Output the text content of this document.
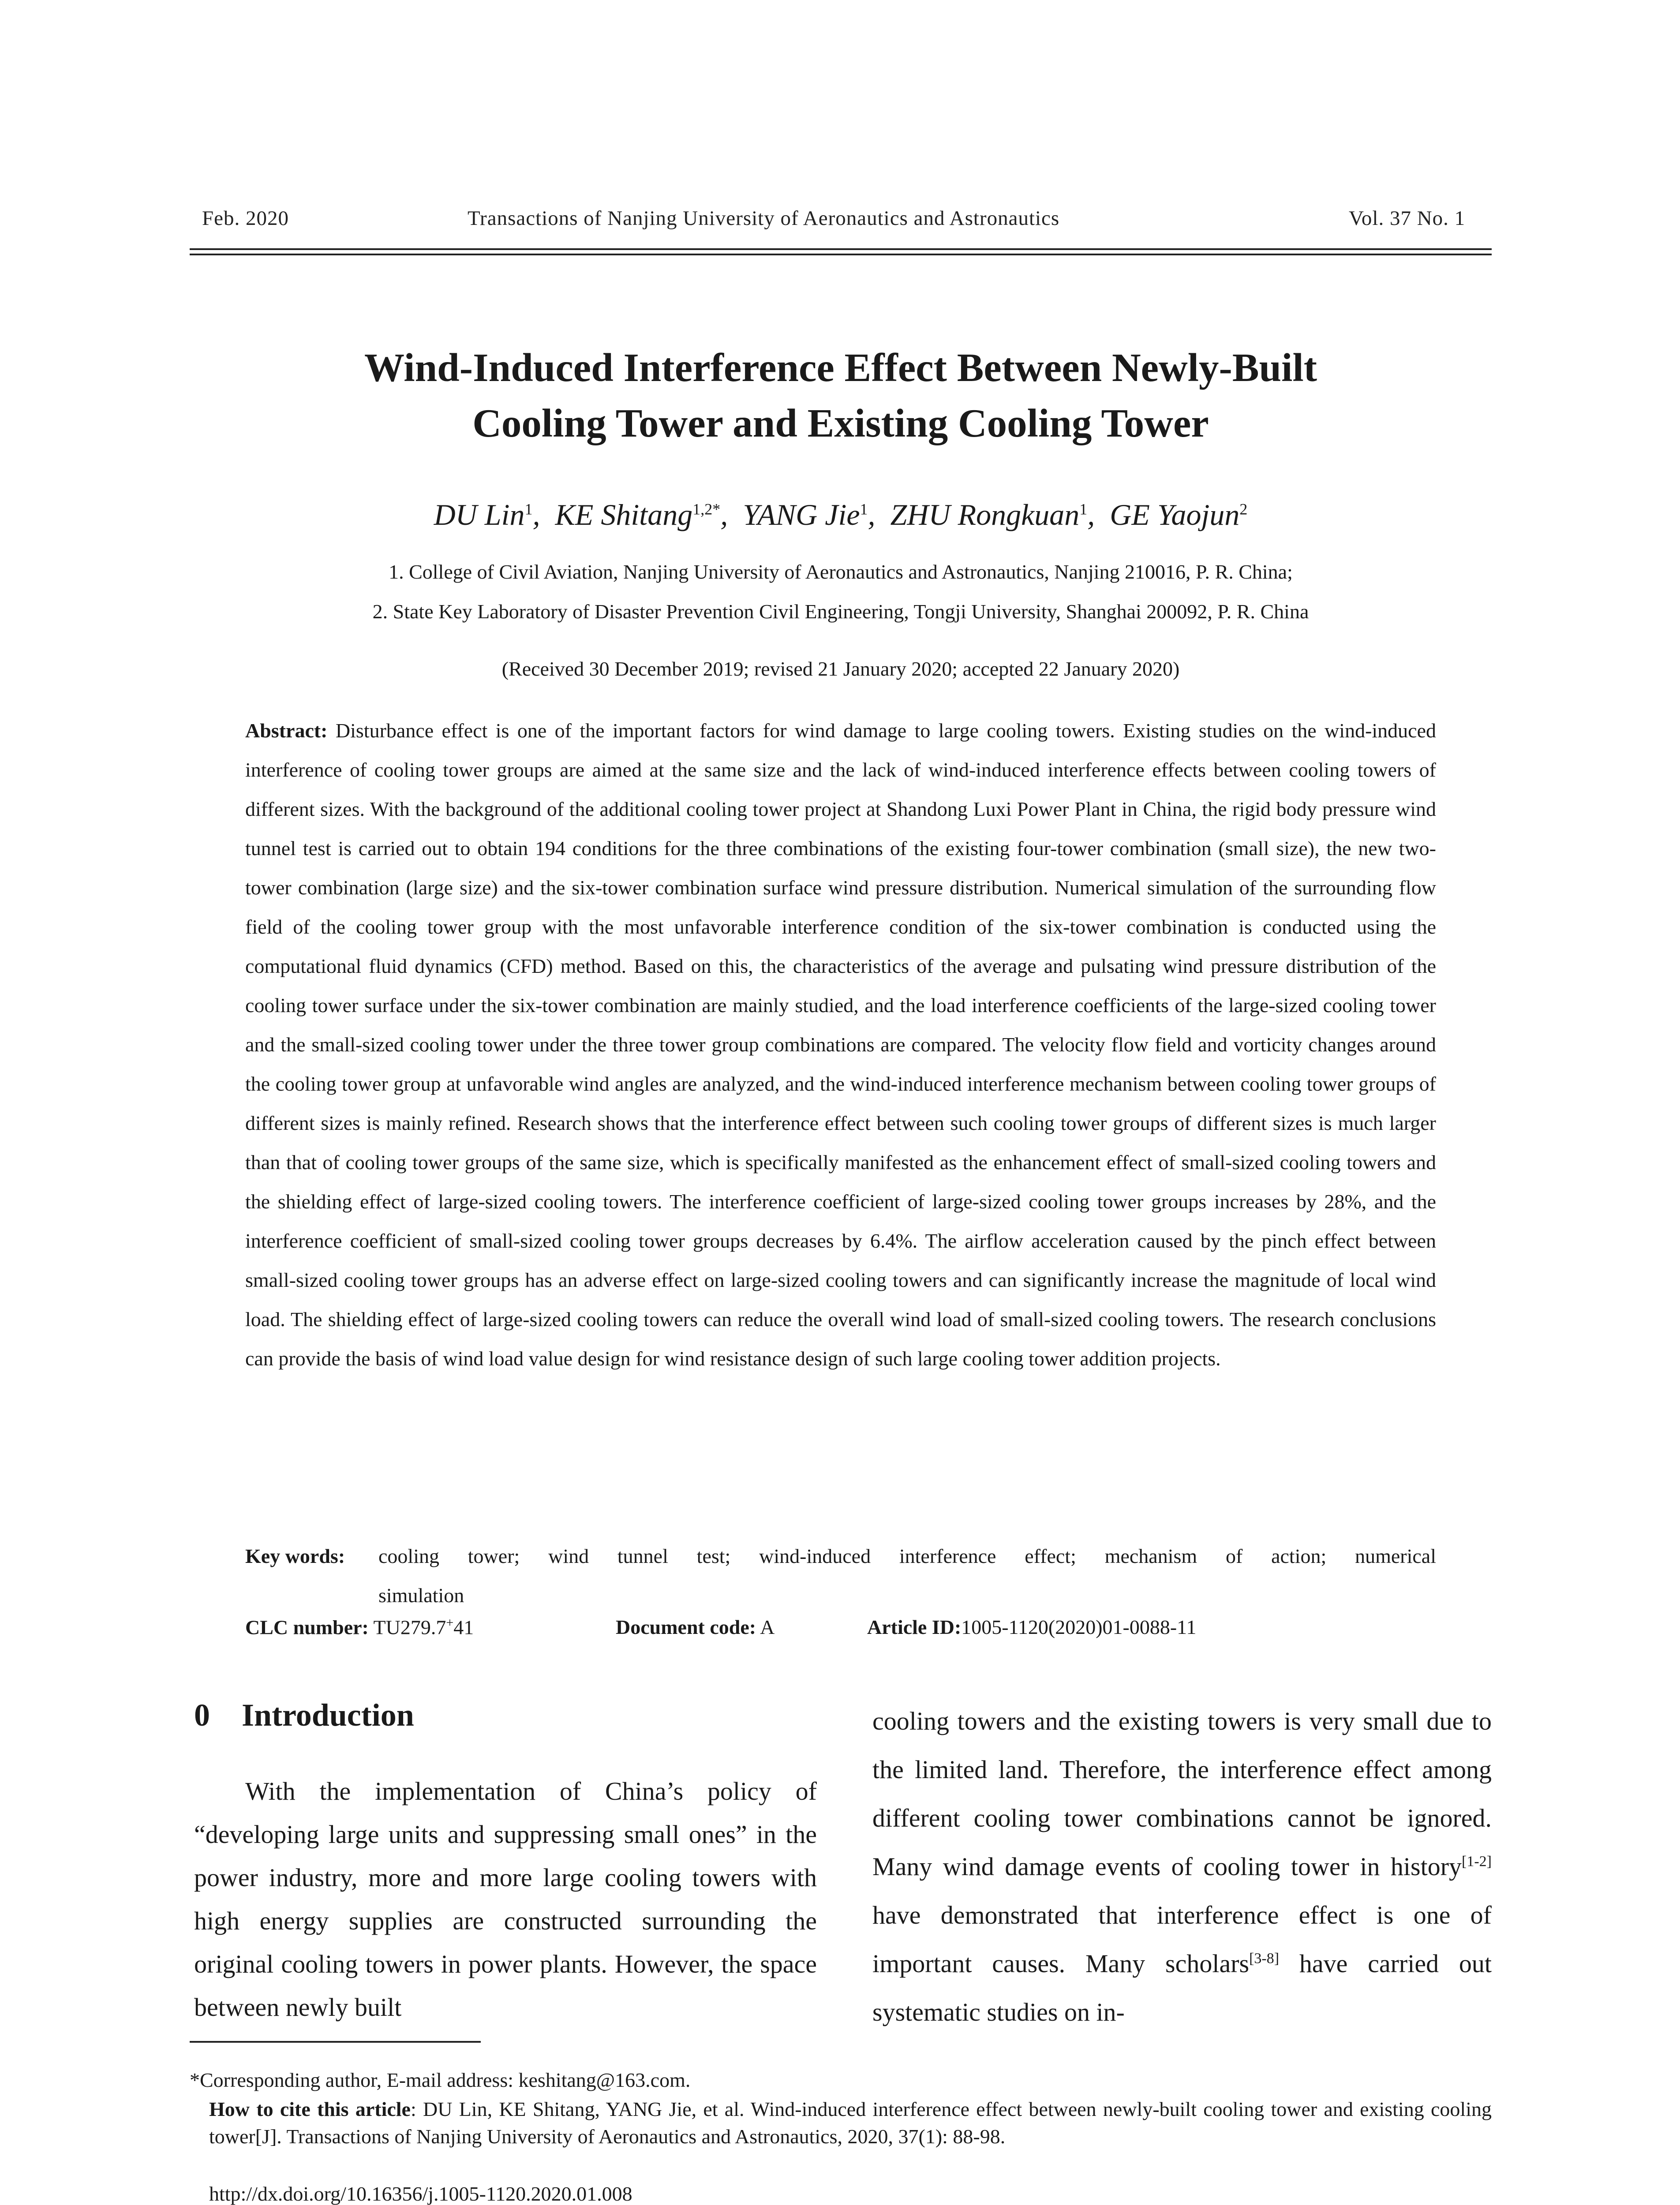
Feb. 2020	Transactions of Nanjing University of Aeronautics and Astronautics	Vol. 37 No. 1
Wind-Induced Interference Effect Between Newly-Built
Cooling Tower and Existing Cooling Tower
DU Lin$^1$,  KE Shitang$^{1,2*}$,  YANG Jie$^1$,  ZHU Rongkuan$^1$,  GE Yaojun$^2$
1. College of Civil Aviation, Nanjing University of Aeronautics and Astronautics, Nanjing 210016, P. R. China;
2. State Key Laboratory of Disaster Prevention Civil Engineering, Tongji University, Shanghai 200092, P. R. China
(Received 30 December 2019; revised 21 January 2020; accepted 22 January 2020)
Abstract: Disturbance effect is one of the important factors for wind damage to large cooling towers. Existing studies on the wind-induced interference of cooling tower groups are aimed at the same size and the lack of wind-induced interference effects between cooling towers of different sizes. With the background of the additional cooling tower project at Shandong Luxi Power Plant in China, the rigid body pressure wind tunnel test is carried out to obtain 194 conditions for the three combinations of the existing four-tower combination (small size), the new two-tower combination (large size) and the six-tower combination surface wind pressure distribution. Numerical simulation of the surrounding flow field of the cooling tower group with the most unfavorable interference condition of the six-tower combination is conducted using the computational fluid dynamics (CFD) method. Based on this, the characteristics of the average and pulsating wind pressure distribution of the cooling tower surface under the six-tower combination are mainly studied, and the load interference coefficients of the large-sized cooling tower and the small-sized cooling tower under the three tower group combinations are compared. The velocity flow field and vorticity changes around the cooling tower group at unfavorable wind angles are analyzed, and the wind-induced interference mechanism between cooling tower groups of different sizes is mainly refined. Research shows that the interference effect between such cooling tower groups of different sizes is much larger than that of cooling tower groups of the same size, which is specifically manifested as the enhancement effect of small-sized cooling towers and the shielding effect of large-sized cooling towers. The interference coefficient of large-sized cooling tower groups increases by 28%, and the interference coefficient of small-sized cooling tower groups decreases by 6.4%. The airflow acceleration caused by the pinch effect between small-sized cooling tower groups has an adverse effect on large-sized cooling towers and can significantly increase the magnitude of local wind load. The shielding effect of large-sized cooling towers can reduce the overall wind load of small-sized cooling towers. The research conclusions can provide the basis of wind load value design for wind resistance design of such large cooling tower addition projects.
Key words: cooling tower; wind tunnel test; wind-induced interference effect; mechanism of action; numerical
simulation
CLC number: TU279.7+41	Document code: A	Article ID:1005-1120(2020)01-0088-11
0 Introduction

With the implementation of China’s policy of “developing large units and suppressing small ones” in the power industry, more and more large cooling towers with high energy supplies are constructed surrounding the original cooling towers in power plants. However, the space between newly built

cooling towers and the existing towers is very small due to the limited land. Therefore, the interference effect among different cooling tower combinations cannot be ignored. Many wind damage events of cooling tower in history[1-2] have demonstrated that interference effect is one of important causes. Many scholars[3-8] have carried out systematic studies on in-

*Corresponding author, E-mail address: keshitang@163.com.
How to cite this article: DU Lin, KE Shitang, YANG Jie, et al. Wind-induced interference effect between newly-built cooling tower and existing cooling tower[J]. Transactions of Nanjing University of Aeronautics and Astronautics, 2020, 37(1): 88-98.
http://dx.doi.org/10.16356/j.1005-1120.2020.01.008
